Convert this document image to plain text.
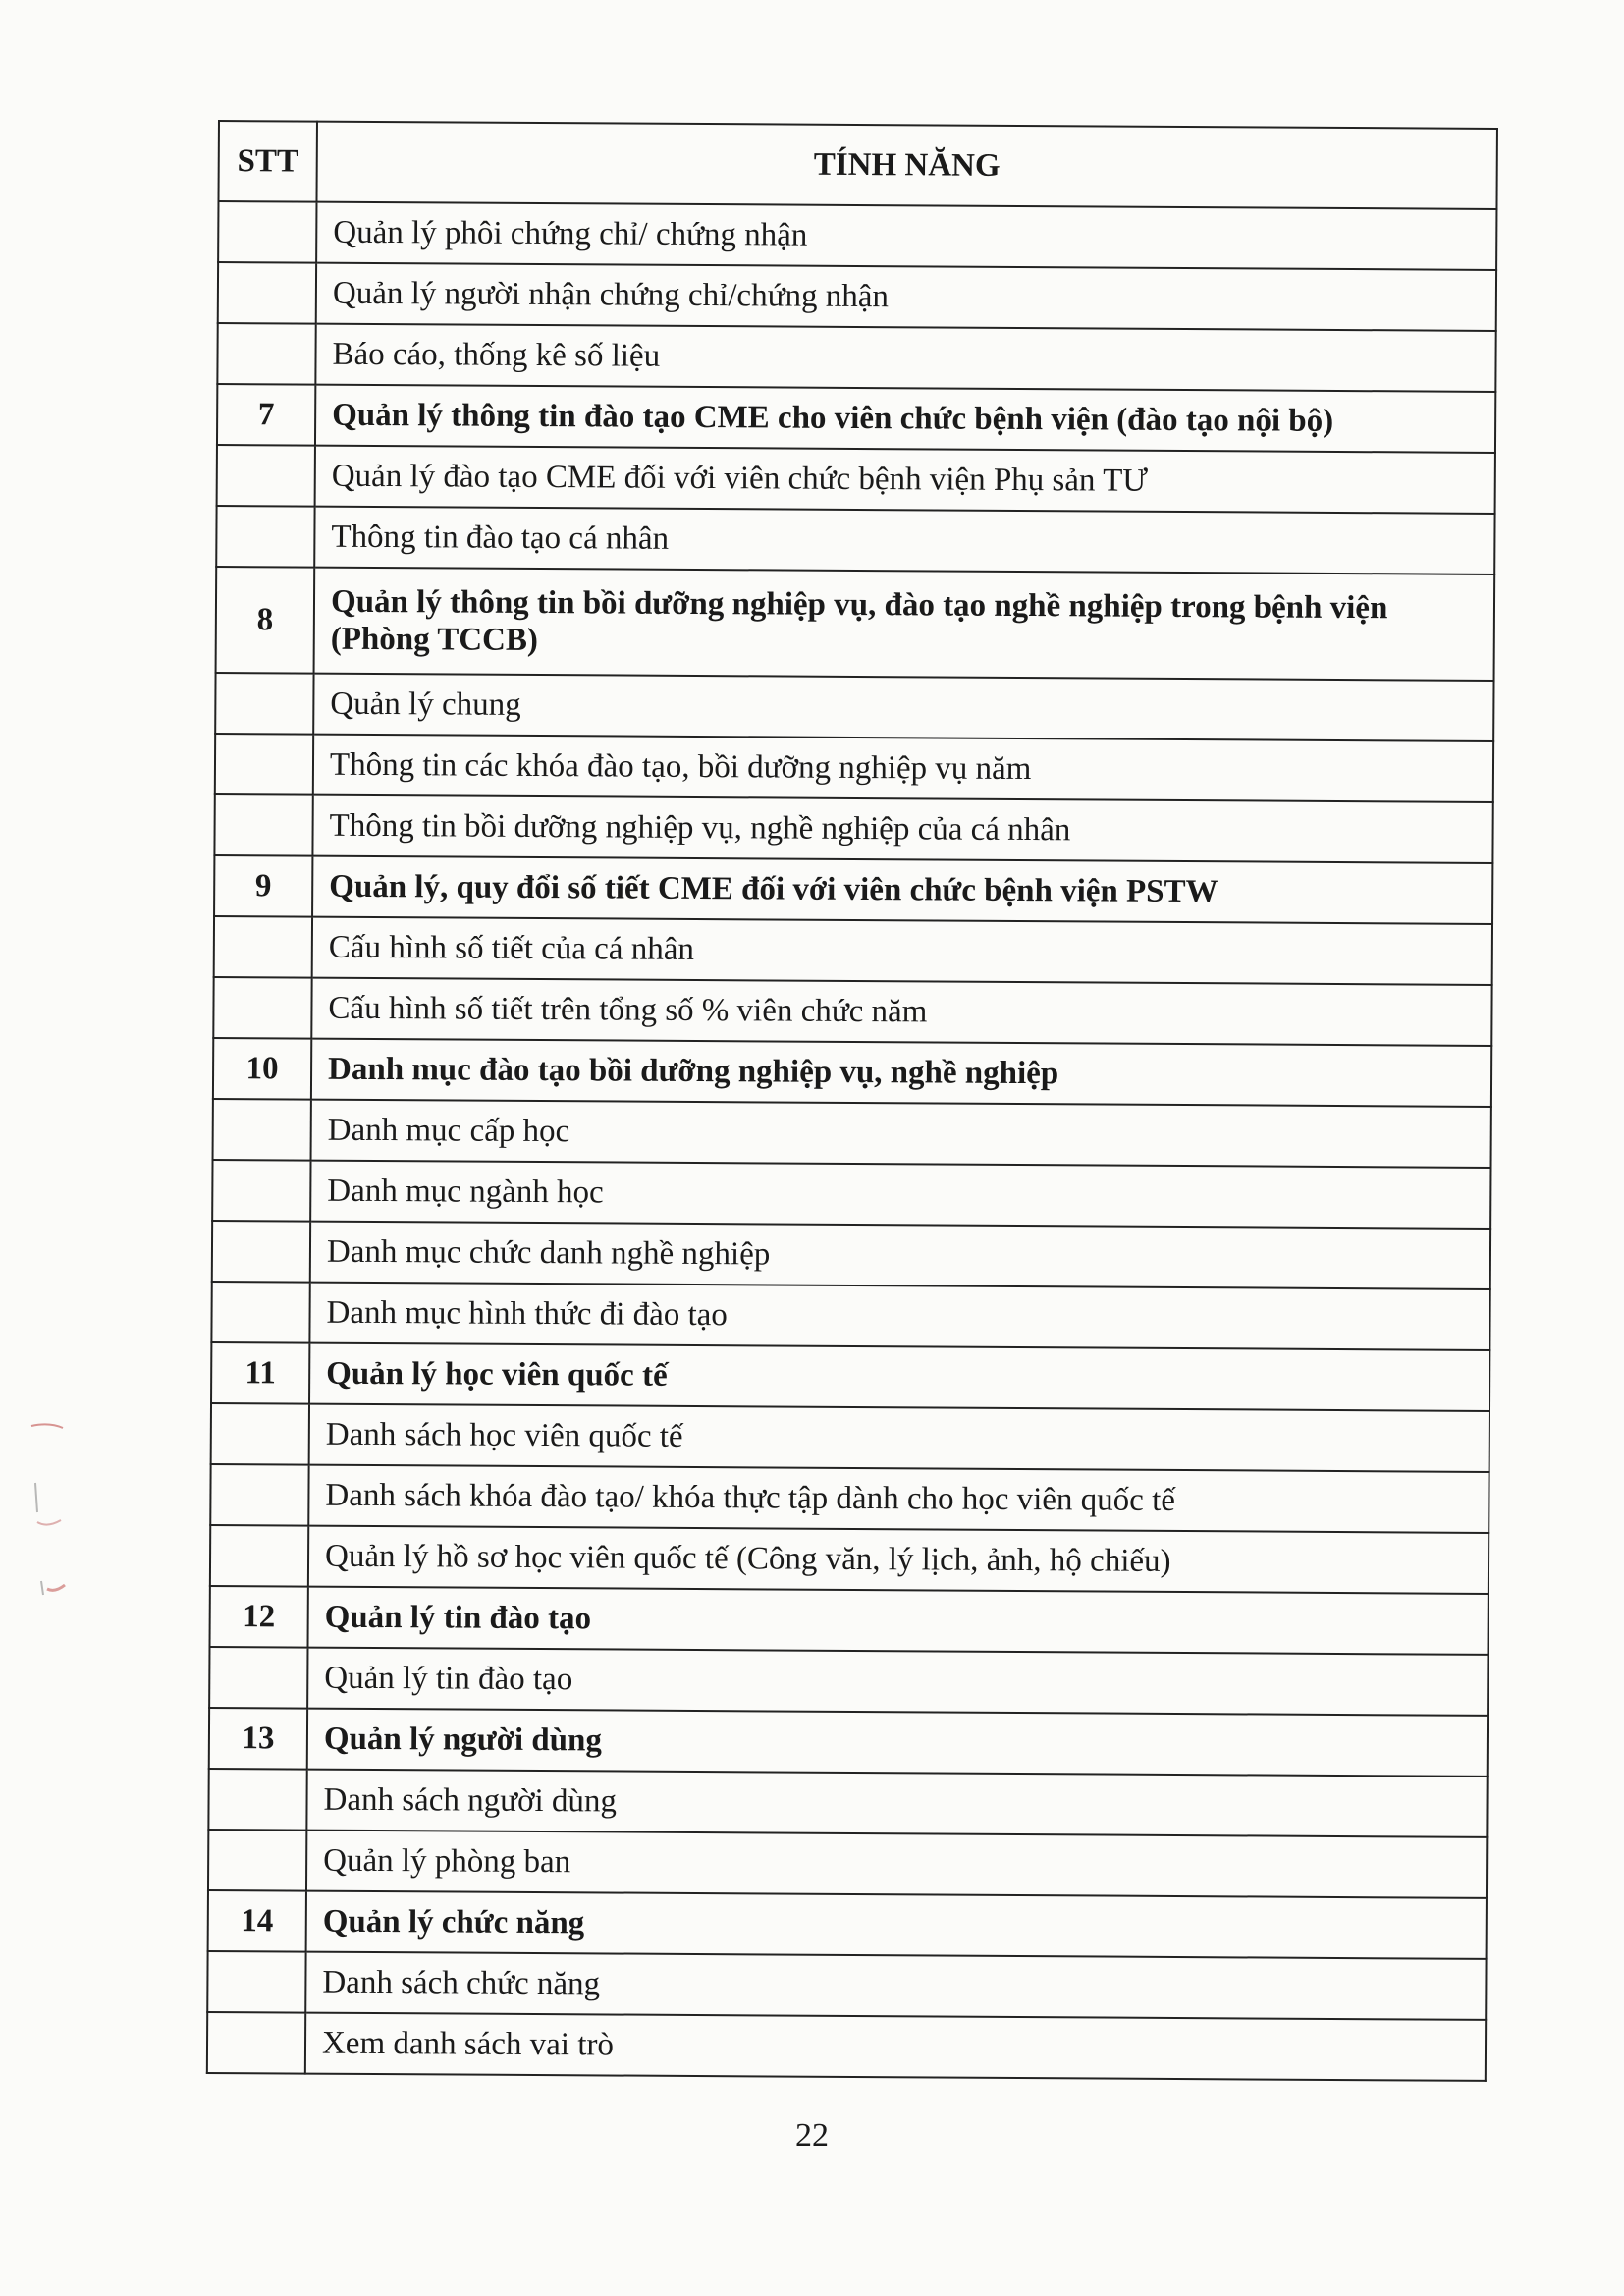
STT	TÍNH NĂNG
	Quản lý phôi chứng chỉ/ chứng nhận
	Quản lý người nhận chứng chỉ/chứng nhận
	Báo cáo, thống kê số liệu
7	Quản lý thông tin đào tạo CME cho viên chức bệnh viện (đào tạo nội bộ)
	Quản lý đào tạo CME đối với viên chức bệnh viện Phụ sản TƯ
	Thông tin đào tạo cá nhân
8	Quản lý thông tin bồi dưỡng nghiệp vụ, đào tạo nghề nghiệp trong bệnh viện (Phòng TCCB)
	Quản lý chung
	Thông tin các khóa đào tạo, bồi dưỡng nghiệp vụ năm
	Thông tin bồi dưỡng nghiệp vụ, nghề nghiệp của cá nhân
9	Quản lý, quy đổi số tiết CME đối với viên chức bệnh viện PSTW
	Cấu hình số tiết của cá nhân
	Cấu hình số tiết trên tổng số % viên chức năm
10	Danh mục đào tạo bồi dưỡng nghiệp vụ, nghề nghiệp
	Danh mục cấp học
	Danh mục ngành học
	Danh mục chức danh nghề nghiệp
	Danh mục hình thức đi đào tạo
11	Quản lý học viên quốc tế
	Danh sách học viên quốc tế
	Danh sách khóa đào tạo/ khóa thực tập dành cho học viên quốc tế
	Quản lý hồ sơ học viên quốc tế (Công văn, lý lịch, ảnh, hộ chiếu)
12	Quản lý tin đào tạo
	Quản lý tin đào tạo
13	Quản lý người dùng
	Danh sách người dùng
	Quản lý phòng ban
14	Quản lý chức năng
	Danh sách chức năng
	Xem danh sách vai trò
22
